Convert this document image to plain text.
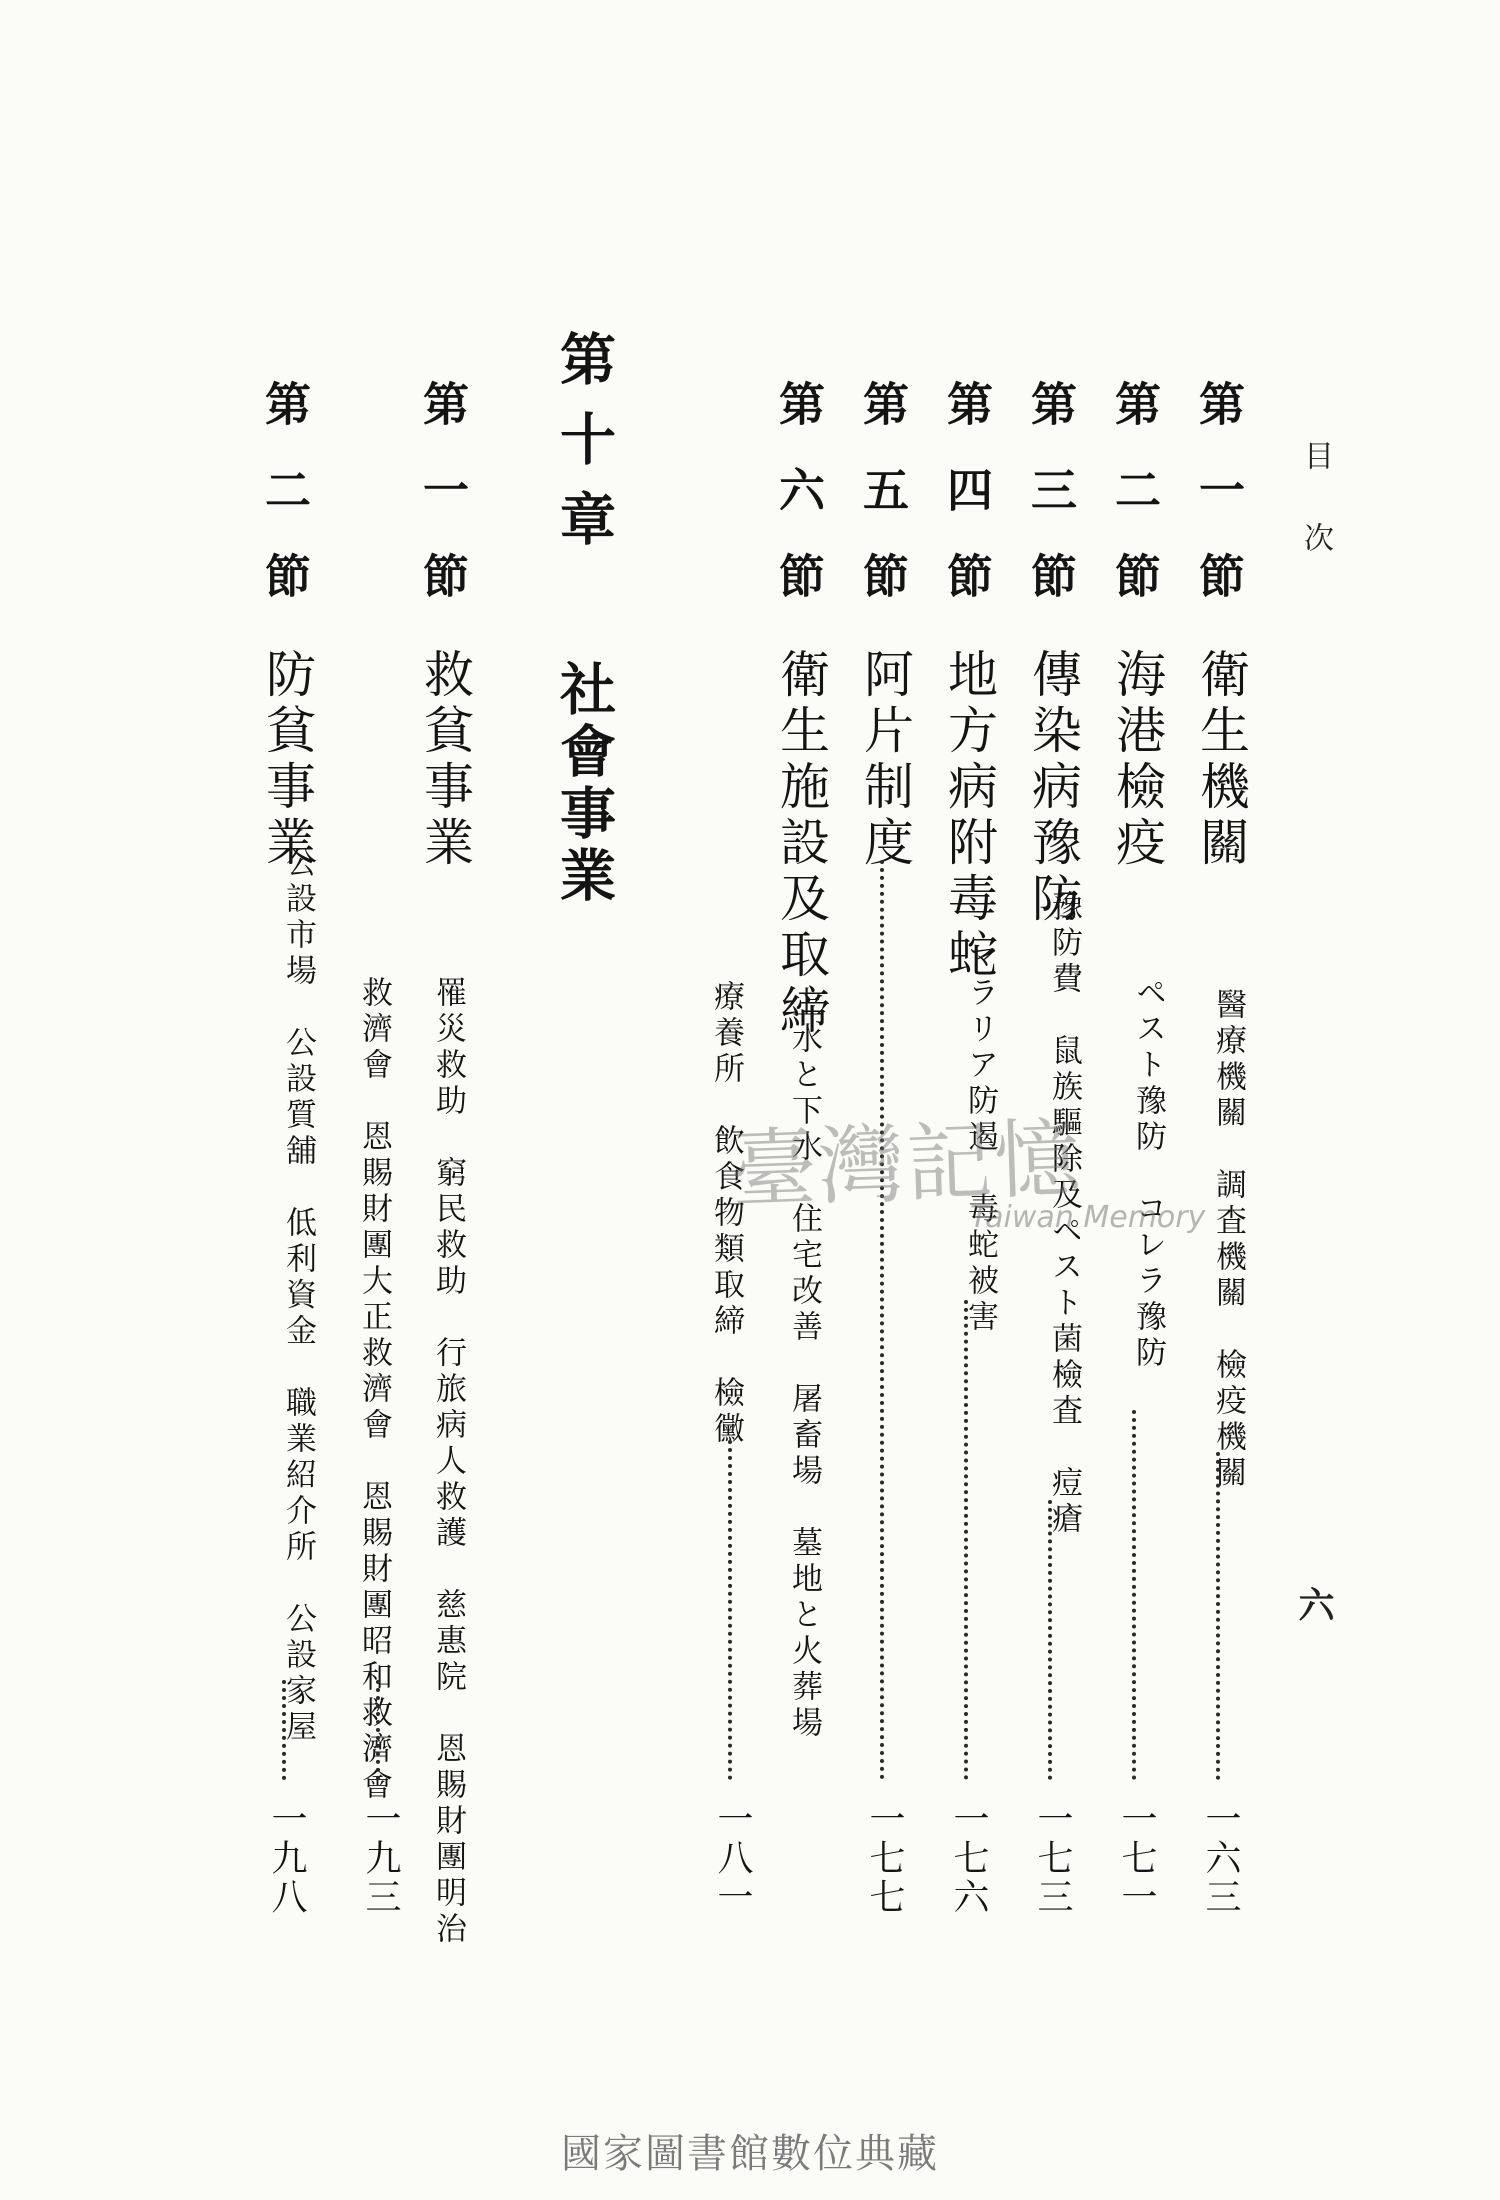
目次
六
第一節
衛生機關
醫療機關　調査機關　檢疫機關
一六三
第二節
海港檢疫
ペスト豫防　コレラ豫防
一七一
第三節
傳染病豫防
豫防費　鼠族驅除及ペスト菌檢査　痘瘡
一七三
第四節
地方病附毒蛇
マラリア防遏　毒蛇被害
一七六
第五節
阿片制度
一七七
第六節
衛生施設及取締
上水と下水　住宅改善　屠畜場　墓地と火葬場
療養所　飲食物類取締　檢黴
一八一
第十章
社會事業
第一節
救貧事業
罹災救助　窮民救助　行旅病人救護　慈惠院　恩賜財團明治
救濟會　恩賜財團大正救濟會　恩賜財團昭和救濟會
一九三
第二節
防貧事業
公設市場　公設質舖　低利資金　職業紹介所　公設家屋
一九八
臺灣記憶
Taiwan Memory
國家圖書館數位典藏
